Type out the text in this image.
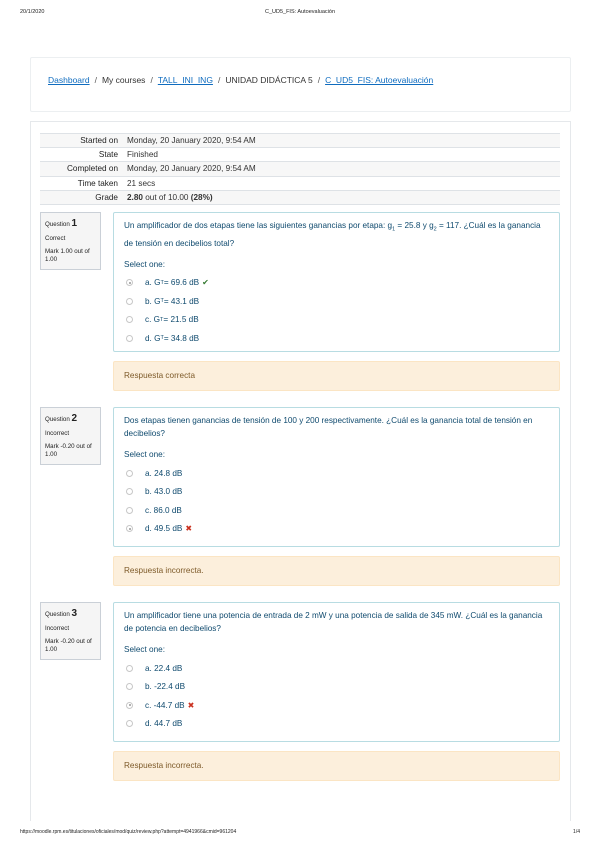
20/1/2020	C_UD5_FIS: Autoevaluación
Dashboard / My courses / TALL_INI_ING / UNIDAD DIDÁCTICA 5 / C_UD5_FIS: Autoevaluación
Started on	Monday, 20 January 2020, 9:54 AM
State	Finished
Completed on	Monday, 20 January 2020, 9:54 AM
Time taken	21 secs
Grade	2.80 out of 10.00 (28%)
Question 1
Correct
Mark 1.00 out of 1.00
Un amplificador de dos etapas tiene las siguientes ganancias por etapa: $g_1 = 25.8$ y $g_2 = 117$. ¿Cuál es la ganancia de tensión en decibelios total?
Select one:
a. G T = 69.6 dB ✔
b. G T = 43.1 dB
c. G T = 21.5 dB
d. G T = 34.8 dB
Respuesta correcta
Question 2
Incorrect
Mark -0.20 out of 1.00
Dos etapas tienen ganancias de tensión de 100 y 200 respectivamente. ¿Cuál es la ganancia total de tensión en decibelios?
Select one:
a. 24.8 dB
b. 43.0 dB
c. 86.0 dB
d. 49.5 dB ✖
Respuesta incorrecta.
Question 3
Incorrect
Mark -0.20 out of 1.00
Un amplificador tiene una potencia de entrada de 2 mW y una potencia de salida de 345 mW. ¿Cuál es la ganancia de potencia en decibelios?
Select one:
a. 22.4 dB
b. -22.4 dB
c. -44.7 dB ✖
d. 44.7 dB
Respuesta incorrecta.
https://moodle.rpm.es/titulaciones/oficiales/mod/quiz/review.php?attempt=4941966&cmid=961204	1/4
